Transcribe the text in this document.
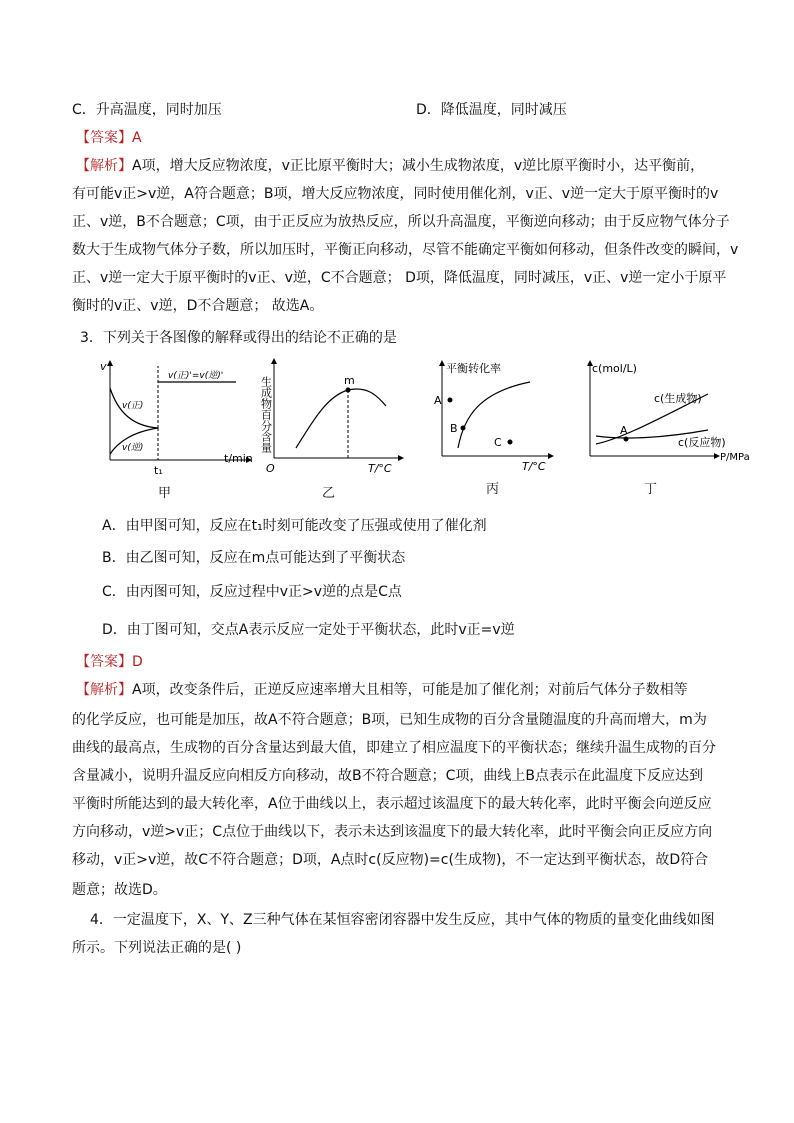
C．升高温度，同时加压	D．降低温度，同时减压
【答案】A
【解析】A项，增大反应物浓度，v正比原平衡时大；减小生成物浓度，v逆比原平衡时小，达平衡前，
有可能v正>v逆，A符合题意；B项，增大反应物浓度，同时使用催化剂，v正、v逆一定大于原平衡时的v
正、v逆，B不合题意；C项，由于正反应为放热反应，所以升高温度，平衡逆向移动；由于反应物气体分子
数大于生成物气体分子数，所以加压时，平衡正向移动，尽管不能确定平衡如何移动，但条件改变的瞬间，v
正、v逆一定大于原平衡时的v正、v逆，C不合题意； D项，降低温度，同时减压，v正、v逆一定小于原平
衡时的v正、v逆，D不合题意； 故选A。
3．下列关于各图像的解释或得出的结论不正确的是
v
t/min
t₁
v(正)'=v(逆)'
v(正)
v(逆)
甲
生成物百分含量
O	T/°C
m
乙
平衡转化率
T/°C
A
B
C
丙
c(mol/L)
P/MPa
A
c(生成物)
c(反应物)
丁
A．由甲图可知，反应在t₁时刻可能改变了压强或使用了催化剂
B．由乙图可知，反应在m点可能达到了平衡状态
C．由丙图可知，反应过程中v正>v逆的点是C点
D．由丁图可知，交点A表示反应一定处于平衡状态，此时v正=v逆
【答案】D
【解析】A项，改变条件后，正逆反应速率增大且相等，可能是加了催化剂；对前后气体分子数相等
的化学反应，也可能是加压，故A不符合题意；B项，已知生成物的百分含量随温度的升高而增大，m为
曲线的最高点，生成物的百分含量达到最大值，即建立了相应温度下的平衡状态；继续升温生成物的百分
含量减小，说明升温反应向相反方向移动，故B不符合题意；C项，曲线上B点表示在此温度下反应达到
平衡时所能达到的最大转化率，A位于曲线以上，表示超过该温度下的最大转化率，此时平衡会向逆反应
方向移动，v逆>v正；C点位于曲线以下，表示未达到该温度下的最大转化率，此时平衡会向正反应方向
移动，v正>v逆，故C不符合题意；D项，A点时c(反应物)=c(生成物)，不一定达到平衡状态，故D符合
题意；故选D。
4．一定温度下，X、Y、Z三种气体在某恒容密闭容器中发生反应，其中气体的物质的量变化曲线如图
所示。下列说法正确的是( )
